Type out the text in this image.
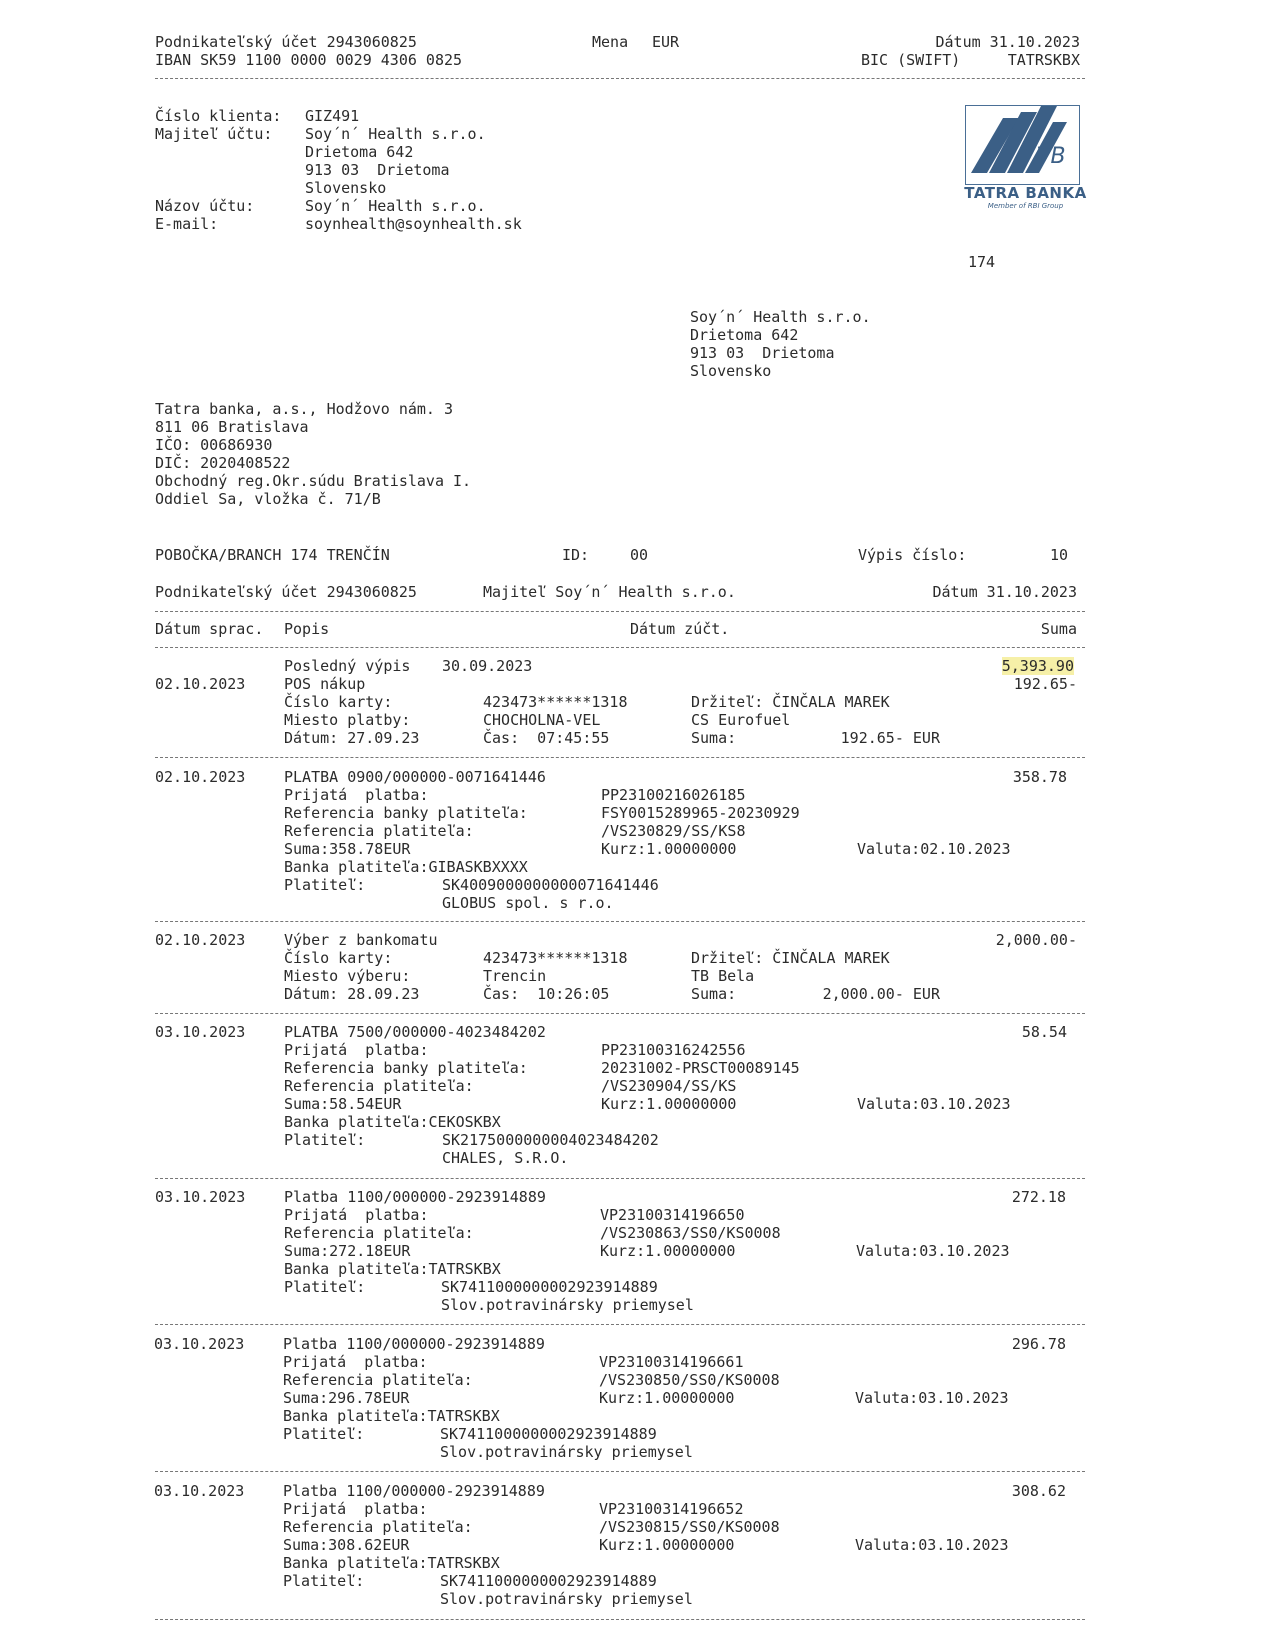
Podnikateľský účet 2943060825	Mena EUR	Dátum 31.10.2023
IBAN SK59 1100 0000 0029 4306 0825	BIC (SWIFT)	TATRSKBX
Číslo klienta: GIZ491
Majiteľ účtu: Soy´n´ Health s.r.o.
Drietoma 642
913 03  Drietoma
Slovensko
Názov účtu:	Soy´n´ Health s.r.o.
E-mail:	soynhealth@soynhealth.sk
TB
TATRA BANKA
Member of RBI Group
174
Soy´n´ Health s.r.o.
Drietoma 642
913 03  Drietoma
Slovensko
Tatra banka, a.s., Hodžovo nám. 3
811 06 Bratislava
IČO: 00686930
DIČ: 2020408522
Obchodný reg.Okr.súdu Bratislava I.
Oddiel Sa, vložka č. 71/B
POBOČKA/BRANCH 174 TRENČÍN	ID:	00	Výpis číslo:	10
Podnikateľský účet 2943060825	Majiteľ Soy´n´ Health s.r.o.	Dátum 31.10.2023
Dátum sprac. Popis	Dátum zúčt.	Suma
Posledný výpis 30.09.2023	5,393.90
02.10.2023	POS nákup	192.65-
Číslo karty:	423473******1318	Držiteľ: ČINČALA MAREK
Miesto platby:	CHOCHOLNA-VEL	CS Eurofuel
Dátum: 27.09.23	Čas:  07:45:55	Suma:	192.65- EUR
02.10.2023	PLATBA 0900/000000-0071641446	358.78
Prijatá  platba:	PP23100216026185
Referencia banky platiteľa:	FSY0015289965-20230929
Referencia platiteľa:	/VS230829/SS/KS8
Suma:358.78EUR	Kurz:1.00000000	Valuta:02.10.2023
Banka platiteľa:GIBASKBXXXX
Platiteľ:	SK4009000000000071641446
GLOBUS spol. s r.o.
02.10.2023	Výber z bankomatu	2,000.00-
Číslo karty:	423473******1318	Držiteľ: ČINČALA MAREK
Miesto výberu:	Trencin	TB Bela
Dátum: 28.09.23	Čas:  10:26:05	Suma:	2,000.00- EUR
03.10.2023	PLATBA 7500/000000-4023484202	58.54
Prijatá  platba:	PP23100316242556
Referencia banky platiteľa:	20231002-PRSCT00089145
Referencia platiteľa:	/VS230904/SS/KS
Suma:58.54EUR	Kurz:1.00000000	Valuta:03.10.2023
Banka platiteľa:CEKOSKBX
Platiteľ:	SK2175000000004023484202
CHALES, S.R.O.
03.10.2023	Platba 1100/000000-2923914889	272.18
Prijatá  platba:	VP23100314196650
Referencia platiteľa:	/VS230863/SS0/KS0008
Suma:272.18EUR	Kurz:1.00000000	Valuta:03.10.2023
Banka platiteľa:TATRSKBX
Platiteľ:	SK7411000000002923914889
Slov.potravinársky priemysel
03.10.2023	Platba 1100/000000-2923914889	296.78
Prijatá  platba:	VP23100314196661
Referencia platiteľa:	/VS230850/SS0/KS0008
Suma:296.78EUR	Kurz:1.00000000	Valuta:03.10.2023
Banka platiteľa:TATRSKBX
Platiteľ:	SK7411000000002923914889
Slov.potravinársky priemysel
03.10.2023	Platba 1100/000000-2923914889	308.62
Prijatá  platba:	VP23100314196652
Referencia platiteľa:	/VS230815/SS0/KS0008
Suma:308.62EUR	Kurz:1.00000000	Valuta:03.10.2023
Banka platiteľa:TATRSKBX
Platiteľ:	SK7411000000002923914889
Slov.potravinársky priemysel
